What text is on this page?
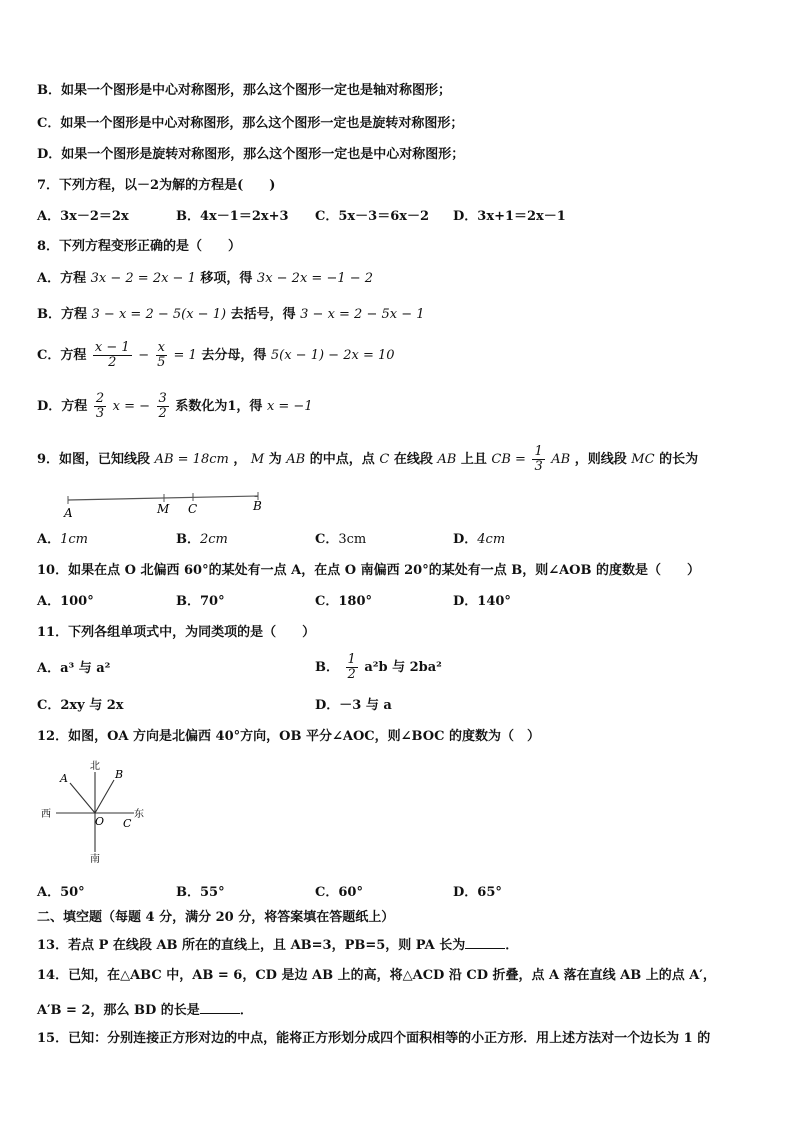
B．如果一个图形是中心对称图形，那么这个图形一定也是轴对称图形；
C．如果一个图形是中心对称图形，那么这个图形一定也是旋转对称图形；
D．如果一个图形是旋转对称图形，那么这个图形一定也是中心对称图形；
7．下列方程，以－2为解的方程是(　　)
A．3x－2＝2x	B．4x－1＝2x+3 C．5x－3＝6x－2 D．3x+1＝2x－1
8．下列方程变形正确的是（　　）
A．方程 3x − 2 = 2x − 1 移项，得 3x − 2x = −1 − 2
B．方程 3 − x = 2 − 5(x − 1) 去括号，得 3 − x = 2 − 5x − 1
C．方程 $\frac{x - 1}{2} - \frac{x}{5} = 1$ 去分母，得 5(x − 1) − 2x = 10
D．方程 $\frac{2}{3}$ x = − $\frac{3}{2}$ 系数化为1，得 x = −1
9．如图，已知线段 AB = 18cm ， M 为 AB 的中点，点 C 在线段 AB 上且 CB = $\frac{1}{3}$ AB ，则线段 MC 的长为
A	M C	B
A．1cm	B．2cm	C．3cm	D．4cm
10．如果在点 O 北偏西 60°的某处有一点 A，在点 O 南偏西 20°的某处有一点 B，则∠AOB 的度数是（　　）
A．100°	B．70°	C．180°	D．140°
11．下列各组单项式中，为同类项的是（　　）
A．a³ 与 a²	B． $\frac{1}{2} a^2b$ 与 2ba²
C．2xy 与 2x	D．－3 与 a
12．如图，OA 方向是北偏西 40°方向，OB 平分∠AOC，则∠BOC 的度数为（　）
北
南
西	东
A	B
O C
A．50°	B．55°	C．60°	D．65°
二、填空题（每题 4 分，满分 20 分，将答案填在答题纸上）
13．若点 P 在线段 AB 所在的直线上，且 AB=3，PB=5，则 PA 长为	．
14．已知，在△ABC 中，AB = 6，CD 是边 AB 上的高，将△ACD 沿 CD 折叠，点 A 落在直线 AB 上的点 A′，
A′B = 2，那么 BD 的长是	．
15．已知：分别连接正方形对边的中点，能将正方形划分成四个面积相等的小正方形．用上述方法对一个边长为 1 的
